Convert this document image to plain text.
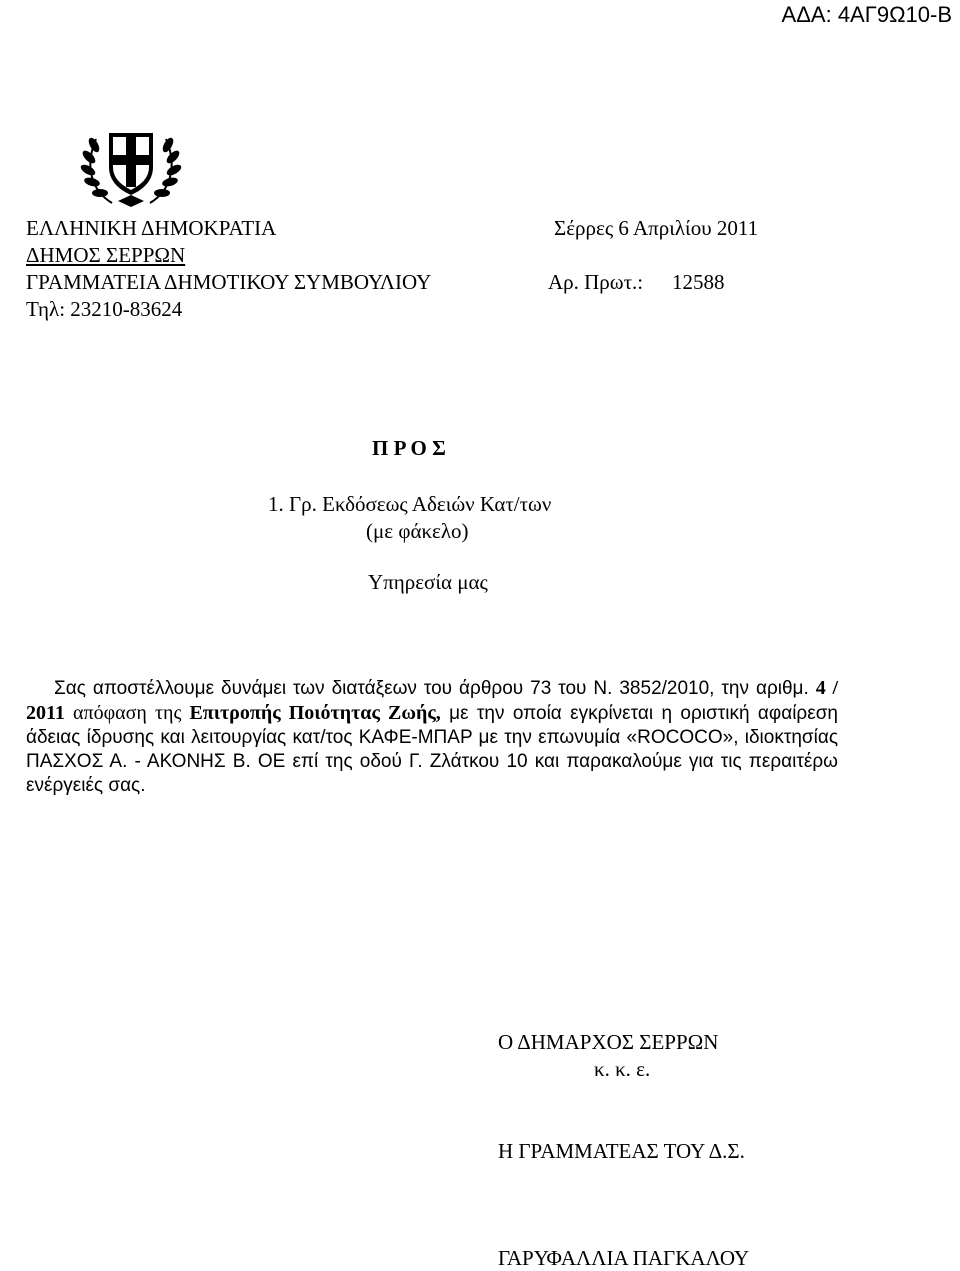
ΑΔΑ: 4ΑΓ9Ω10-Β
ΕΛΛΗΝΙΚΗ ΔΗΜΟΚΡΑΤΙΑ
ΔΗΜΟΣ ΣΕΡΡΩΝ
ΓΡΑΜΜΑΤΕΙΑ ΔΗΜΟΤΙΚΟΥ ΣΥΜΒΟΥΛΙΟΥ
Τηλ: 23210-83624
Σέρρες 6 Απριλίου 2011
Αρ. Πρωτ.: 12588
Π Ρ Ο Σ
1. Γρ. Εκδόσεως Αδειών Κατ/των
(με φάκελο)
Υπηρεσία μας

Σας αποστέλλουμε δυνάμει των διατάξεων του άρθρου 73 του Ν. 3852/2010, την αριθμ. 4 / 2011 απόφαση της Επιτροπής Ποιότητας Ζωής, με την οποία εγκρίνεται η οριστική αφαίρεση άδειας ίδρυσης και λειτουργίας κατ/τος ΚΑΦΕ-ΜΠΑΡ με την επωνυμία «ROCOCO», ιδιοκτησίας ΠΑΣΧΟΣ Α. - ΑΚΟΝΗΣ Β. ΟΕ επί της οδού Γ. Ζλάτκου 10 και παρακαλούμε για τις περαιτέρω ενέργειές σας.

Ο ΔΗΜΑΡΧΟΣ ΣΕΡΡΩΝ
κ. κ. ε.
Η ΓΡΑΜΜΑΤΕΑΣ ΤΟΥ Δ.Σ.
ΓΑΡΥΦΑΛΛΙΑ ΠΑΓΚΑΛΟΥ
